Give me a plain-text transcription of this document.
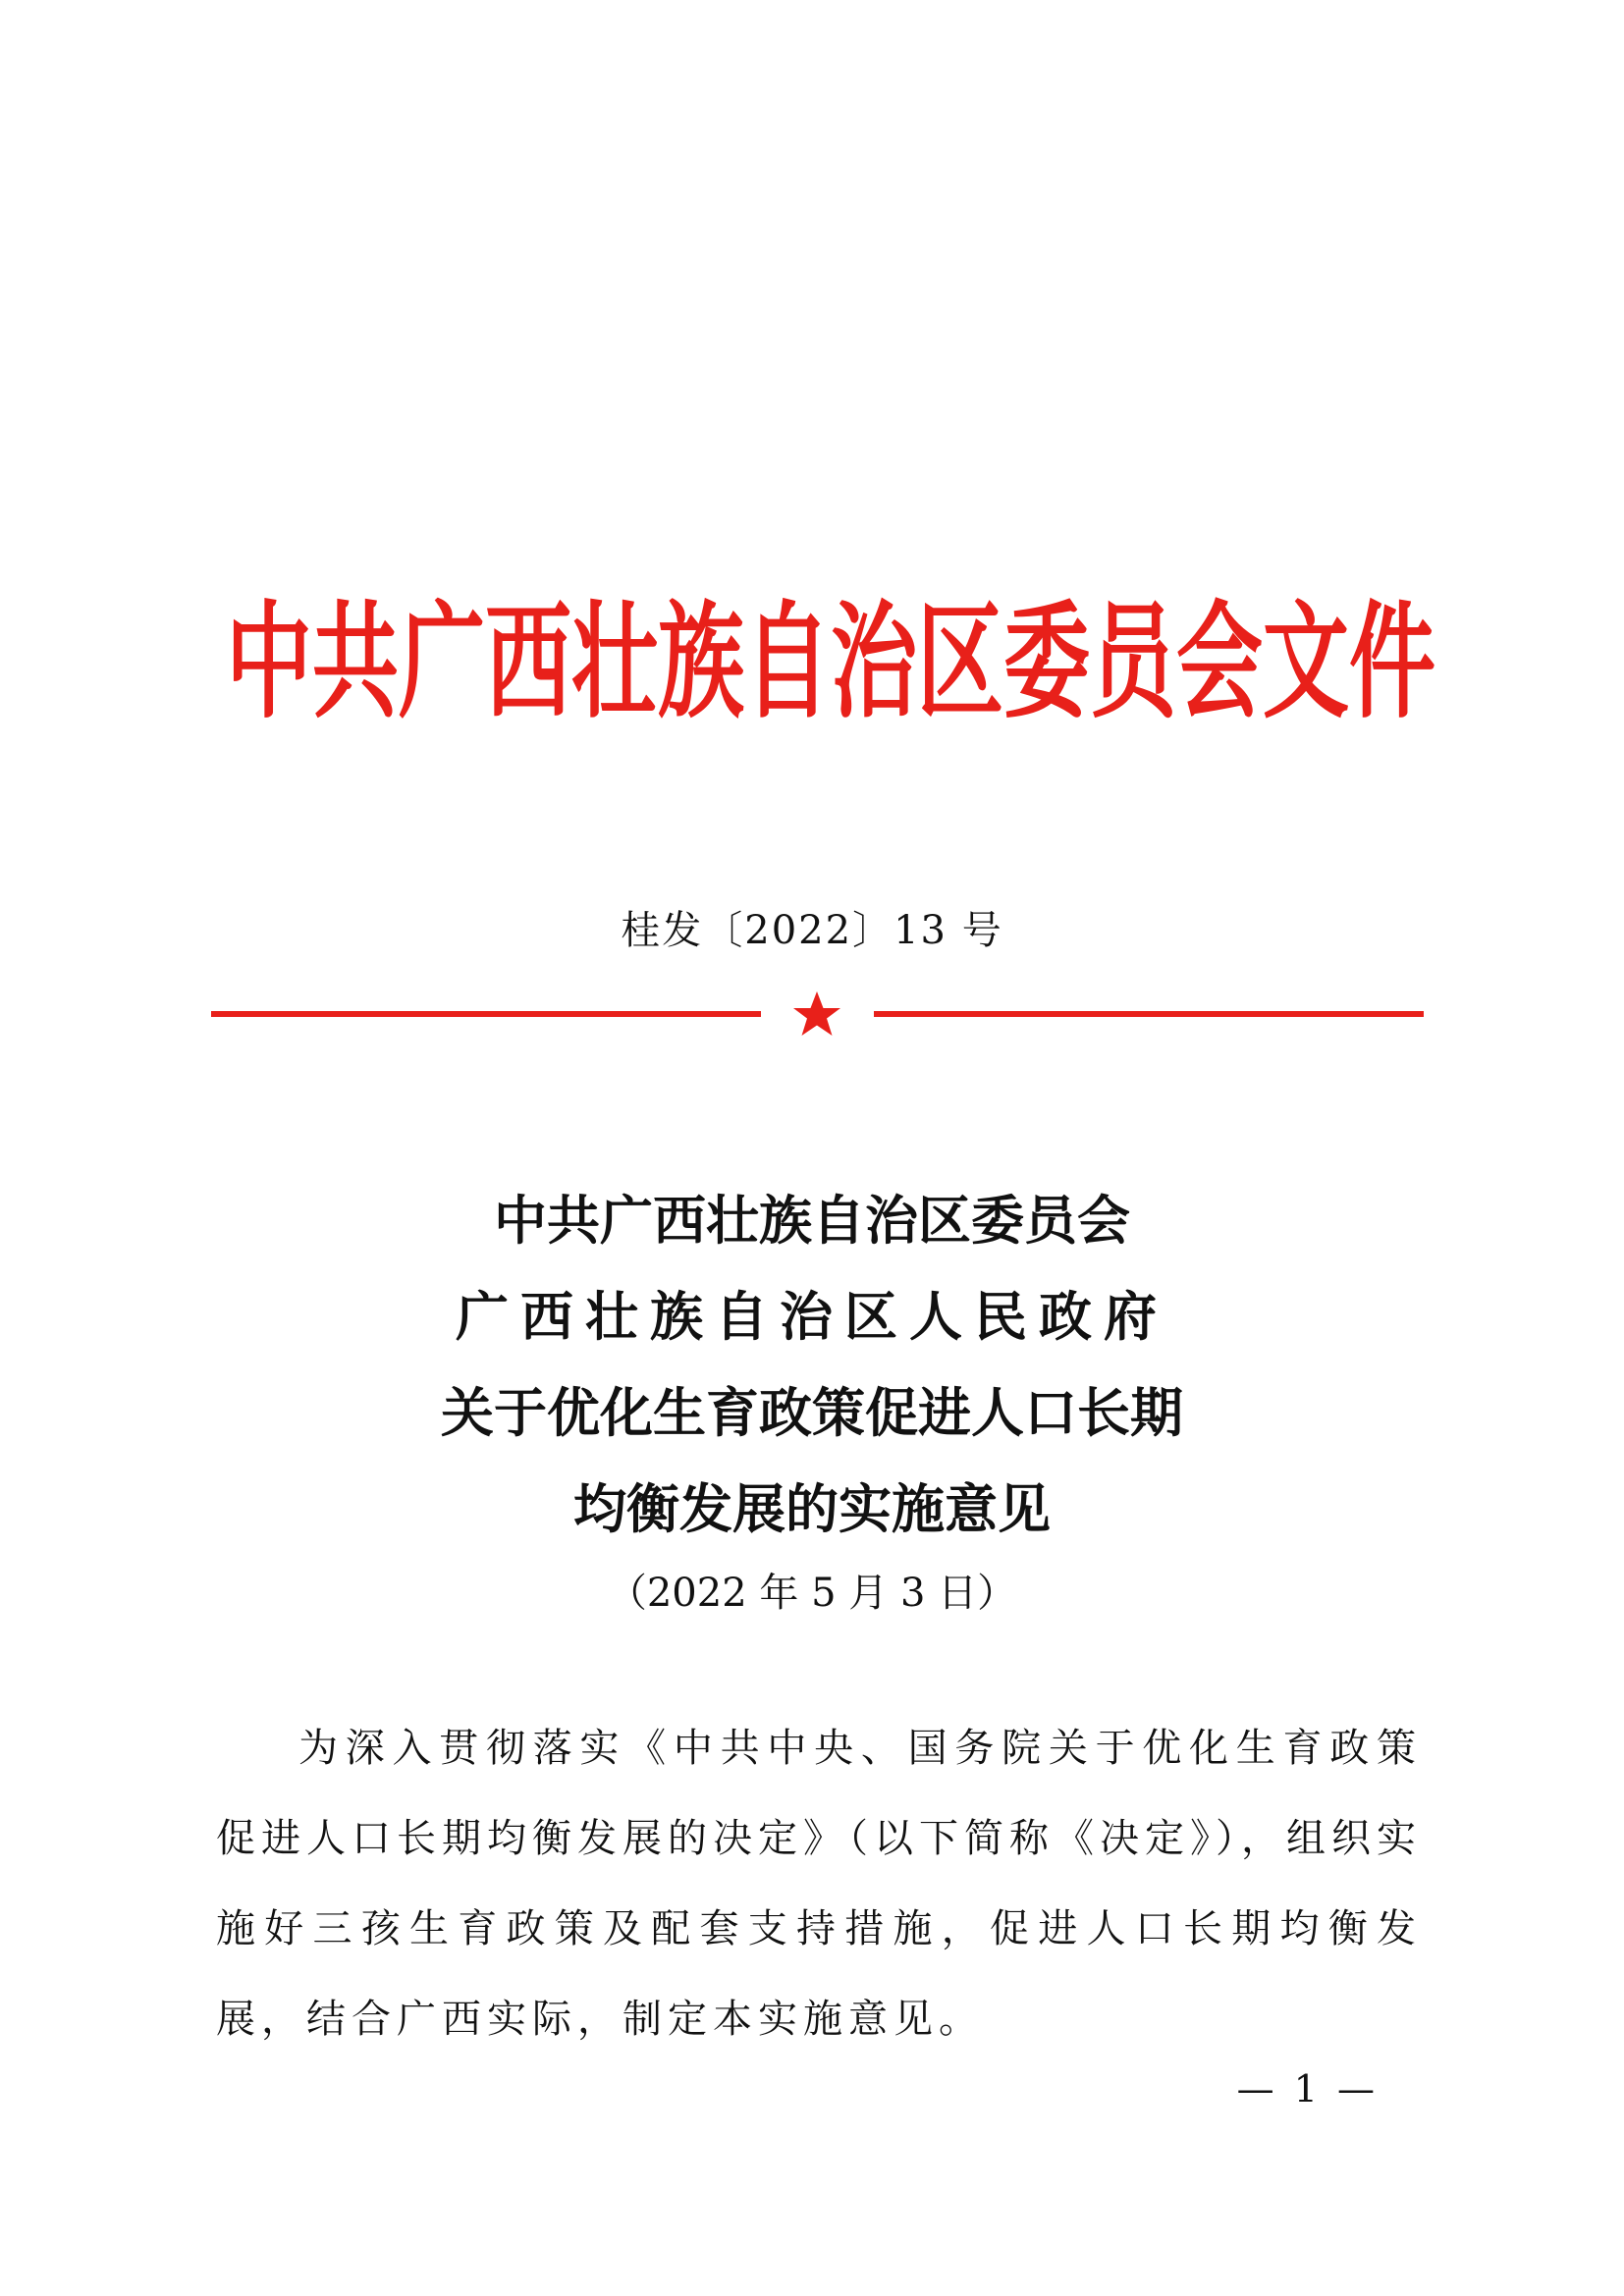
中共广西壮族自治区委员会文件
桂发〔2022〕13 号
中共广西壮族自治区委员会
广西壮族自治区人民政府
关于优化生育政策促进人口长期
均衡发展的实施意见
（2022 年 5 月 3 日）
为深入贯彻落实《中共中央、国务院关于优化生育政策促进人口长期均衡发展的决定》（以下简称《决定》），组织实施好三孩生育政策及配套支持措施，促进人口长期均衡发展，结合广西实际，制定本实施意见。
— 1 —
